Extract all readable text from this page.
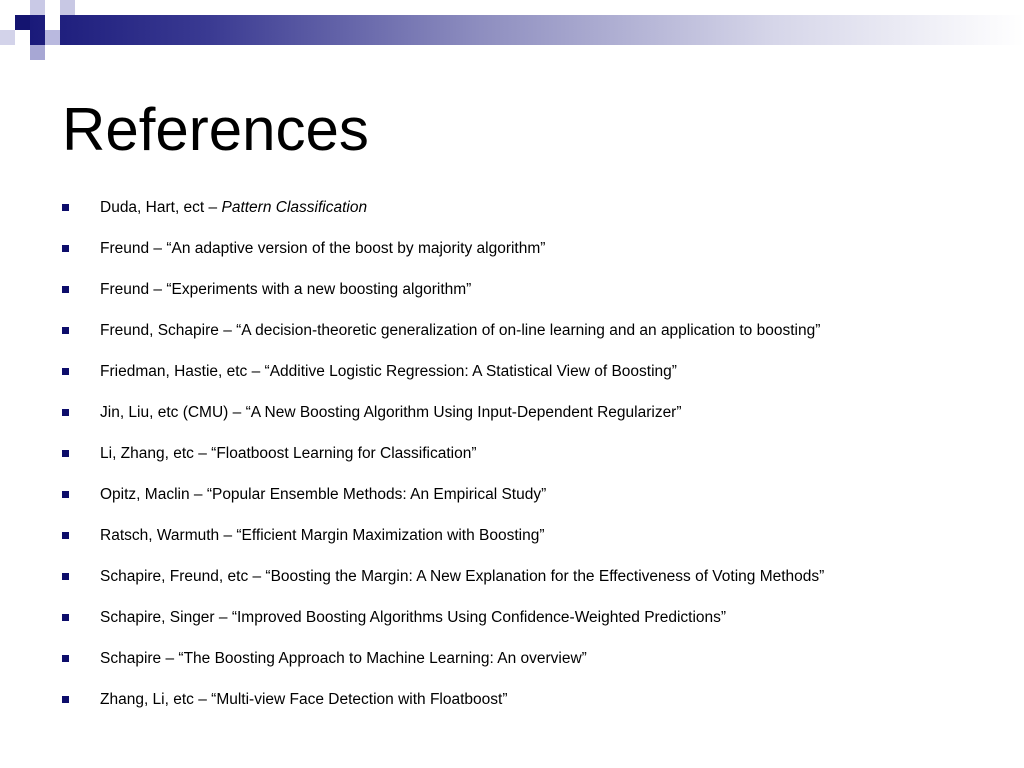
References
Duda, Hart, ect – Pattern Classification
Freund – “An adaptive version of the boost by majority algorithm”
Freund – “Experiments with a new boosting algorithm”
Freund, Schapire – “A decision-theoretic generalization of on-line learning and an application to boosting”
Friedman, Hastie, etc – “Additive Logistic Regression: A Statistical View of Boosting”
Jin, Liu, etc (CMU) – “A New Boosting Algorithm Using Input-Dependent Regularizer”
Li, Zhang, etc – “Floatboost Learning for Classification”
Opitz, Maclin – “Popular Ensemble Methods: An Empirical Study”
Ratsch, Warmuth – “Efficient Margin Maximization with Boosting”
Schapire, Freund, etc – “Boosting the Margin: A New Explanation for the Effectiveness of Voting Methods”
Schapire, Singer – “Improved Boosting Algorithms Using Confidence-Weighted Predictions”
Schapire – “The Boosting Approach to Machine Learning: An overview”
Zhang, Li, etc – “Multi-view Face Detection with Floatboost”
